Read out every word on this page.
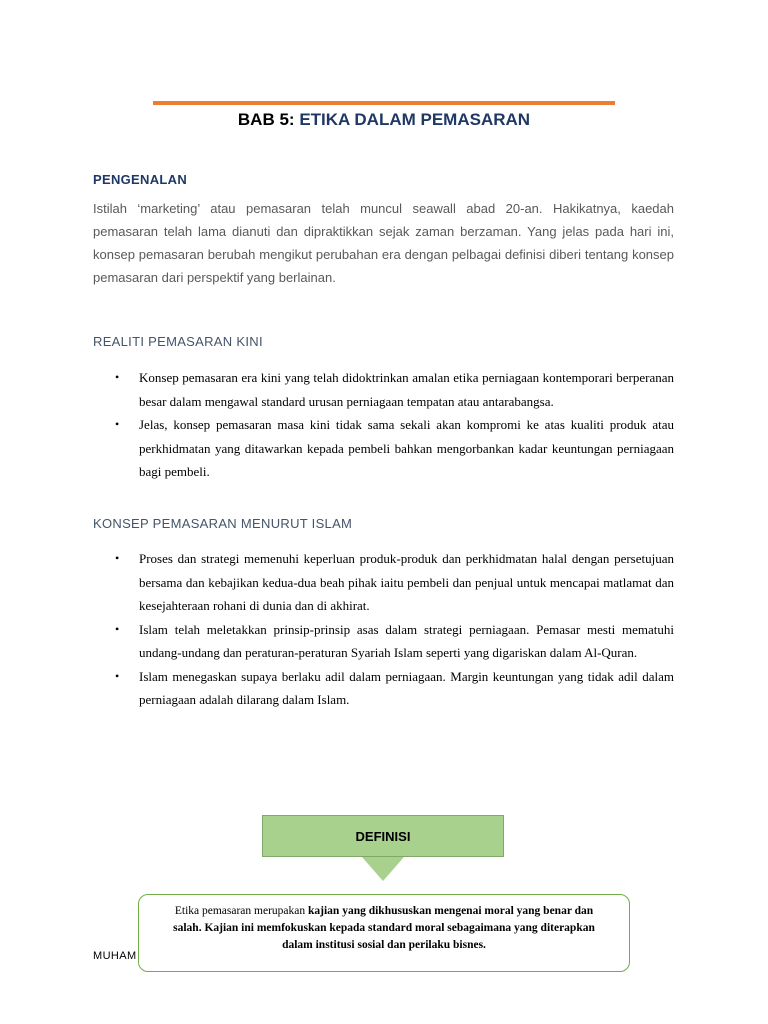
BAB 5: ETIKA DALAM PEMASARAN
PENGENALAN

Istilah ‘marketing’ atau pemasaran telah muncul seawall abad 20-an. Hakikatnya, kaedah pemasaran telah lama dianuti dan dipraktikkan sejak zaman berzaman. Yang jelas pada hari ini, konsep pemasaran berubah mengikut perubahan era dengan pelbagai definisi diberi tentang konsep pemasaran dari perspektif yang berlainan.

REALITI PEMASARAN KINI
• Konsep pemasaran era kini yang telah didoktrinkan amalan etika perniagaan kontemporari berperanan besar dalam mengawal standard urusan perniagaan tempatan atau antarabangsa.
• Jelas, konsep pemasaran masa kini tidak sama sekali akan kompromi ke atas kualiti produk atau perkhidmatan yang ditawarkan kepada pembeli bahkan mengorbankan kadar keuntungan perniagaan bagi pembeli.
KONSEP PEMASARAN MENURUT ISLAM
• Proses dan strategi memenuhi keperluan produk-produk dan perkhidmatan halal dengan persetujuan bersama dan kebajikan kedua-dua beah pihak iaitu pembeli dan penjual untuk mencapai matlamat dan kesejahteraan rohani di dunia dan di akhirat.
• Islam telah meletakkan prinsip-prinsip asas dalam strategi perniagaan. Pemasar mesti mematuhi undang-undang dan peraturan-peraturan Syariah Islam seperti yang digariskan dalam Al-Quran.
• Islam menegaskan supaya berlaku adil dalam perniagaan. Margin keuntungan yang tidak adil dalam perniagaan adalah dilarang dalam Islam.
DEFINISI
MUHAM
Etika pemasaran merupakan kajian yang dikhususkan mengenai moral yang benar dan salah. Kajian ini memfokuskan kepada standard moral sebagaimana yang diterapkan dalam institusi sosial dan perilaku bisnes.
